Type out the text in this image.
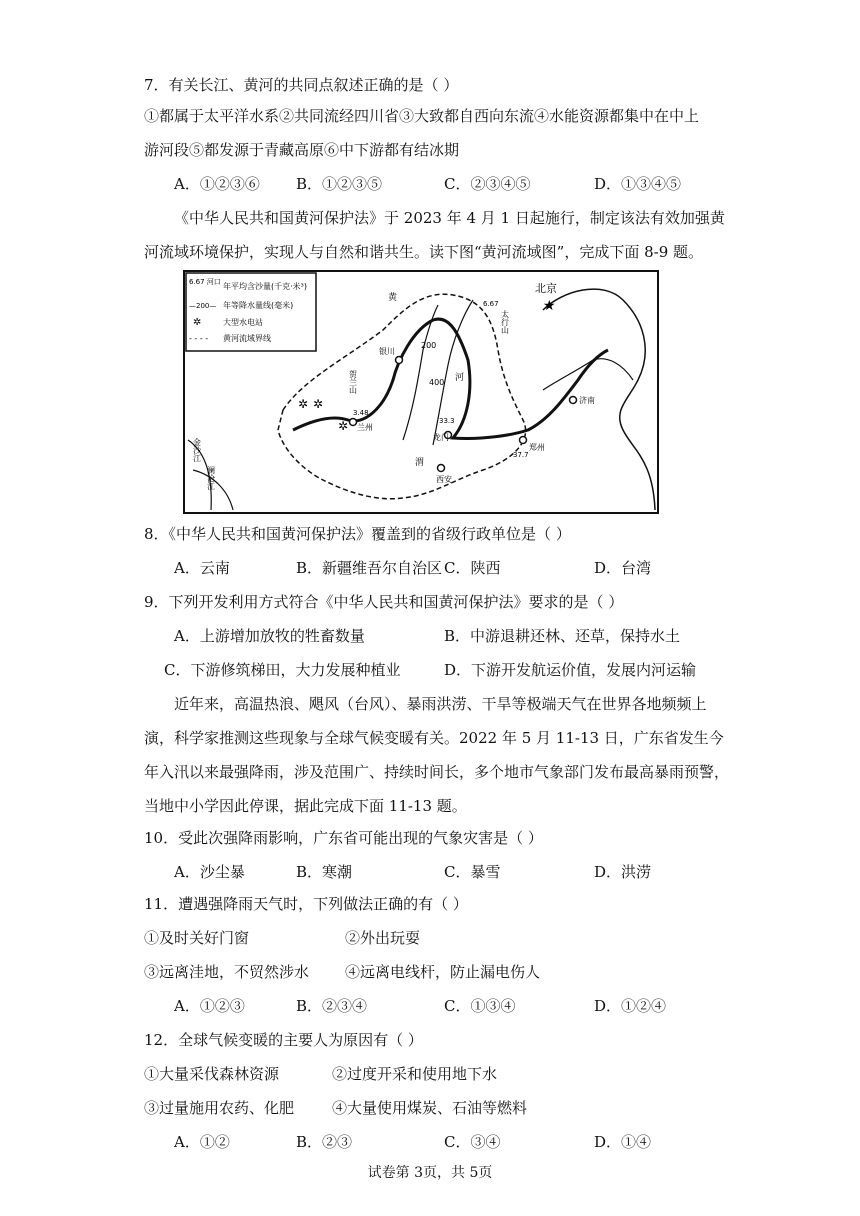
7．有关长江、黄河的共同点叙述正确的是（ ）
①都属于太平洋水系②共同流经四川省③大致都自西向东流④水能资源都集中在中上
游河段⑤都发源于青藏高原⑥中下游都有结冰期
A．①②③⑥ B．①②③⑤	C．②③④⑤	D．①③④⑤
《中华人民共和国黄河保护法》于 2023 年 4 月 1 日起施行，制定该法有效加强黄
河流域环境保护，实现人与自然和谐共生。读下图“黄河流域图”，完成下面 8-9 题。
6.67 河口 年平均含沙量(千克·米³)
—200— 年等降水量线(毫米)
✲	大型水电站
- - - - 黄河流域界线
✲ ✲
✲
★
北京
银川
兰州
龙门
西安
郑州
济南
太行山
贺兰山
金沙江
澜沧江
黄
河
渭
200
400
33.3
3.48
37.7
6.67
8．《中华人民共和国黄河保护法》覆盖到的省级行政单位是（ ）
A．云南	B．新疆维吾尔自治区 C．陕西	D．台湾
9．下列开发利用方式符合《中华人民共和国黄河保护法》要求的是（ ）
A．上游增加放牧的牲畜数量	B．中游退耕还林、还草，保持水土
C．下游修筑梯田，大力发展种植业	D．下游开发航运价值，发展内河运输
近年来，高温热浪、飓风（台风）、暴雨洪涝、干旱等极端天气在世界各地频频上
演，科学家推测这些现象与全球气候变暖有关。2022 年 5 月 11-13 日，广东省发生今
年入汛以来最强降雨，涉及范围广、持续时间长，多个地市气象部门发布最高暴雨预警，
当地中小学因此停课，据此完成下面 11-13 题。
10．受此次强降雨影响，广东省可能出现的气象灾害是（ ）
A．沙尘暴	B．寒潮	C．暴雪	D．洪涝
11．遭遇强降雨天气时，下列做法正确的有（ ）
①及时关好门窗	②外出玩耍
③远离洼地，不贸然涉水 ④远离电线杆，防止漏电伤人
A．①②③	B．②③④	C．①③④	D．①②④
12．全球气候变暖的主要人为原因有（ ）
①大量采伐森林资源	②过度开采和使用地下水
③过量施用农药、化肥	④大量使用煤炭、石油等燃料
A．①②	B．②③	C．③④	D．①④
试卷第 3页，共 5页
